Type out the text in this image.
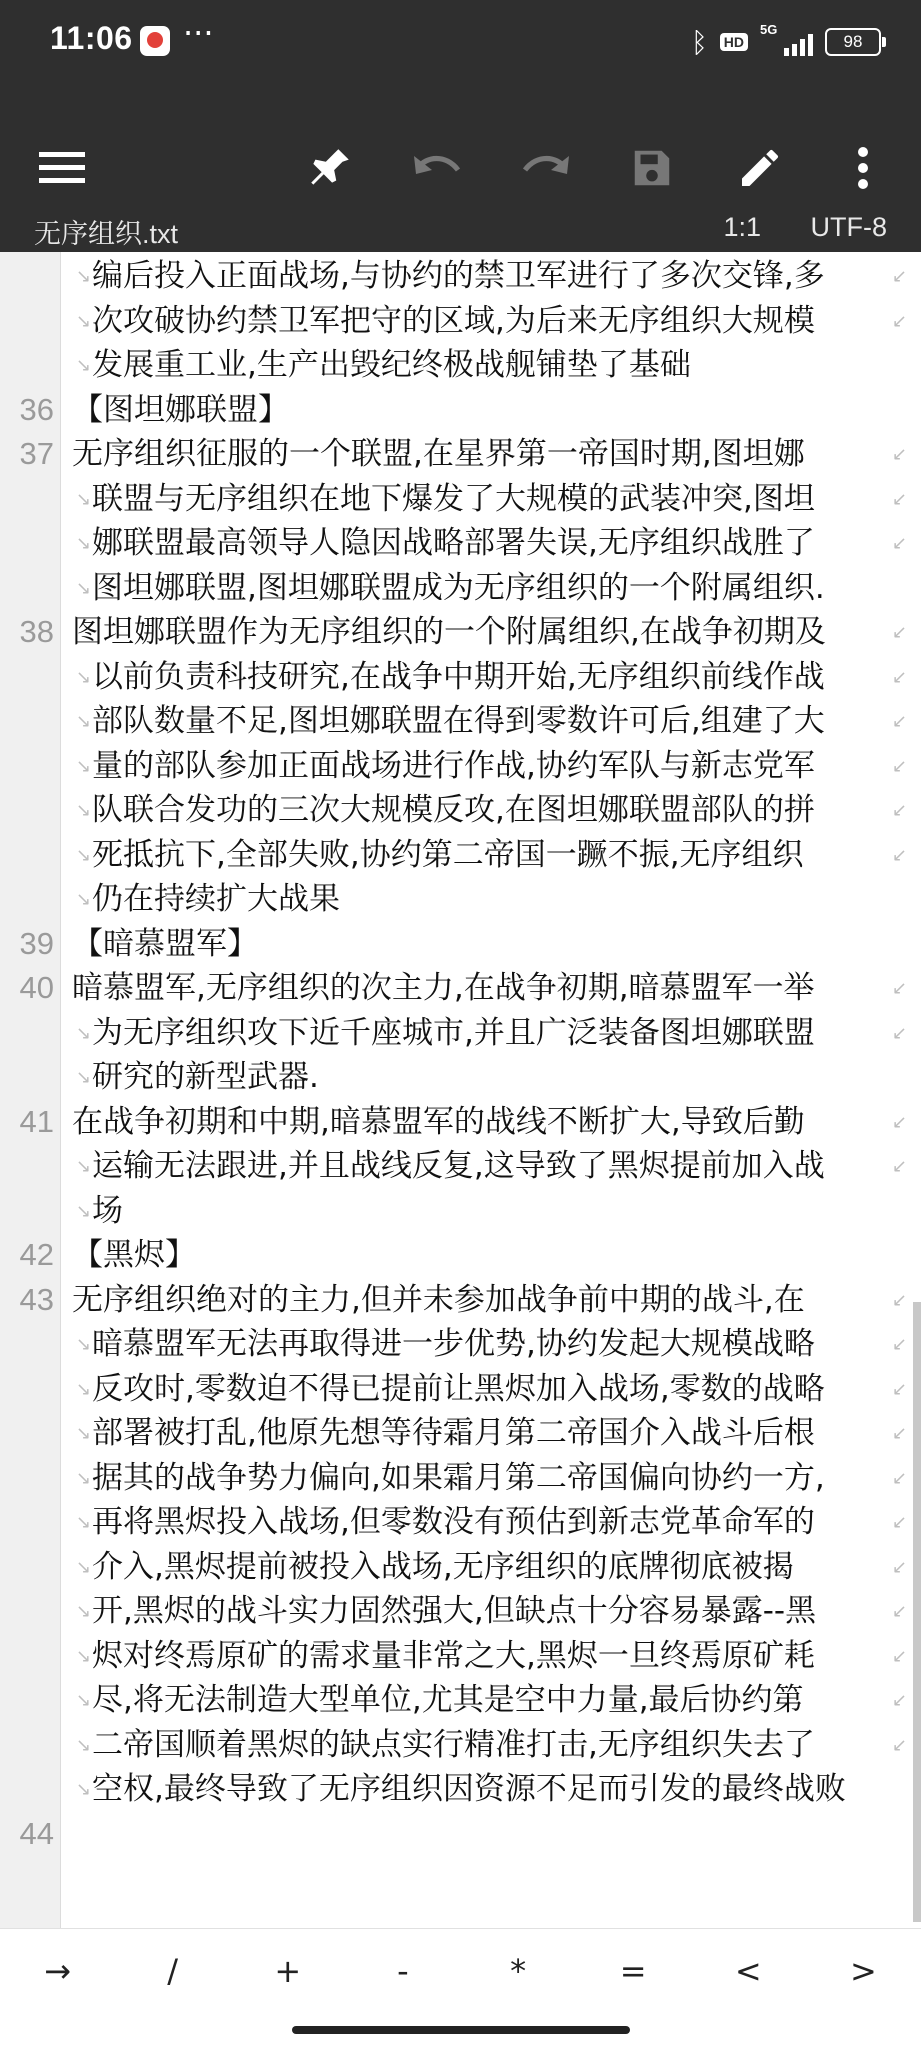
11:06 ···	ᛒ HD
5G
98
无序组织.txt	1:1 UTF-8
↘ 编后投入正面战场,与协约的禁卫军进行了多次交锋,多	↙
↘ 次攻破协约禁卫军把守的区域,为后来无序组织大规模	↙
↘ 发展重工业,生产出毁纪终极战舰铺垫了基础
36 【图坦娜联盟】
37 无序组织征服的一个联盟,在星界第一帝国时期,图坦娜	↙
↘ 联盟与无序组织在地下爆发了大规模的武装冲突,图坦	↙
↘ 娜联盟最高领导人隐因战略部署失误,无序组织战胜了	↙
↘ 图坦娜联盟,图坦娜联盟成为无序组织的一个附属组织.
38 图坦娜联盟作为无序组织的一个附属组织,在战争初期及	↙
↘ 以前负责科技研究,在战争中期开始,无序组织前线作战	↙
↘ 部队数量不足,图坦娜联盟在得到零数许可后,组建了大	↙
↘ 量的部队参加正面战场进行作战,协约军队与新志党军	↙
↘ 队联合发功的三次大规模反攻,在图坦娜联盟部队的拼	↙
↘ 死抵抗下,全部失败,协约第二帝国一蹶不振,无序组织	↙
↘ 仍在持续扩大战果
39 【暗慕盟军】
40 暗慕盟军,无序组织的次主力,在战争初期,暗慕盟军一举	↙
↘ 为无序组织攻下近千座城市,并且广泛装备图坦娜联盟	↙
↘ 研究的新型武器.
41 在战争初期和中期,暗慕盟军的战线不断扩大,导致后勤	↙
↘ 运输无法跟进,并且战线反复,这导致了黑烬提前加入战	↙
↘ 场
42 【黑烬】
43 无序组织绝对的主力,但并未参加战争前中期的战斗,在	↙
↘ 暗慕盟军无法再取得进一步优势,协约发起大规模战略	↙
↘ 反攻时,零数迫不得已提前让黑烬加入战场,零数的战略	↙
↘ 部署被打乱,他原先想等待霜月第二帝国介入战斗后根	↙
↘ 据其的战争势力偏向,如果霜月第二帝国偏向协约一方,	↙
↘ 再将黑烬投入战场,但零数没有预估到新志党革命军的	↙
↘ 介入,黑烬提前被投入战场,无序组织的底牌彻底被揭	↙
↘ 开,黑烬的战斗实力固然强大,但缺点十分容易暴露--黑	↙
↘ 烬对终焉原矿的需求量非常之大,黑烬一旦终焉原矿耗	↙
↘ 尽,将无法制造大型单位,尤其是空中力量,最后协约第	↙
↘ 二帝国顺着黑烬的缺点实行精准打击,无序组织失去了	↙
↘ 空权,最终导致了无序组织因资源不足而引发的最终战败
44
→	/	+	-	*	=	<	>
